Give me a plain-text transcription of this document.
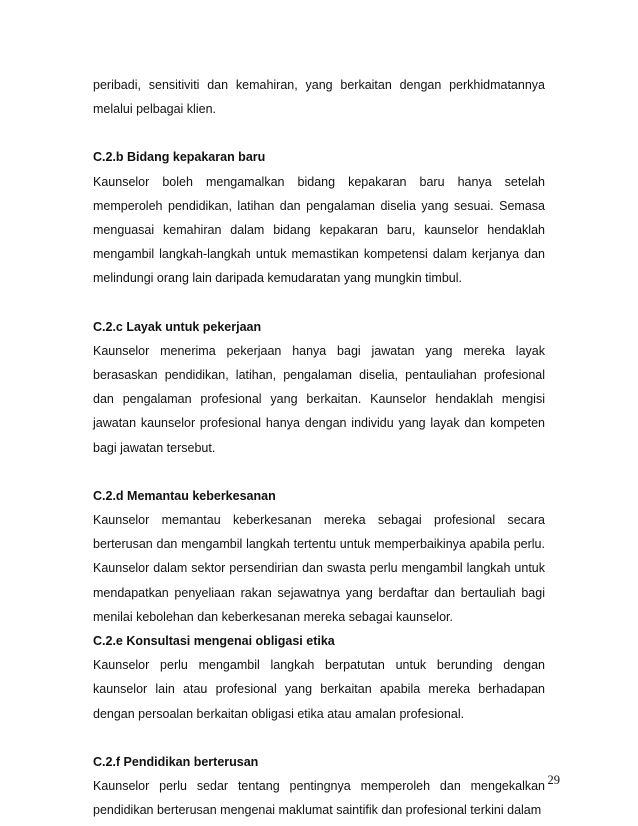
peribadi, sensitiviti dan kemahiran, yang berkaitan dengan perkhidmatannya melalui pelbagai klien.

C.2.b Bidang kepakaran baru

Kaunselor boleh mengamalkan bidang kepakaran baru hanya setelah memperoleh pendidikan, latihan dan pengalaman diselia yang sesuai. Semasa menguasai kemahiran dalam bidang kepakaran baru, kaunselor hendaklah mengambil langkah-langkah untuk memastikan kompetensi dalam kerjanya dan melindungi orang lain daripada kemudaratan yang mungkin timbul.

C.2.c Layak untuk pekerjaan

Kaunselor menerima pekerjaan hanya bagi jawatan yang mereka layak berasaskan pendidikan, latihan, pengalaman diselia, pentauliahan profesional dan pengalaman profesional yang berkaitan. Kaunselor hendaklah mengisi jawatan kaunselor profesional hanya dengan individu yang layak dan kompeten bagi jawatan tersebut.

C.2.d Memantau keberkesanan

Kaunselor memantau keberkesanan mereka sebagai profesional secara berterusan dan mengambil langkah tertentu untuk memperbaikinya apabila perlu. Kaunselor dalam sektor persendirian dan swasta perlu mengambil langkah untuk mendapatkan penyeliaan rakan sejawatnya yang berdaftar dan bertauliah bagi menilai kebolehan dan keberkesanan mereka sebagai kaunselor.

C.2.e Konsultasi mengenai obligasi etika

Kaunselor perlu mengambil langkah berpatutan untuk berunding dengan kaunselor lain atau profesional yang berkaitan apabila mereka berhadapan dengan persoalan berkaitan obligasi etika atau amalan profesional.

C.2.f Pendidikan berterusan

Kaunselor perlu sedar tentang pentingnya memperoleh dan mengekalkan pendidikan berterusan mengenai maklumat saintifik dan profesional terkini dalam

29
